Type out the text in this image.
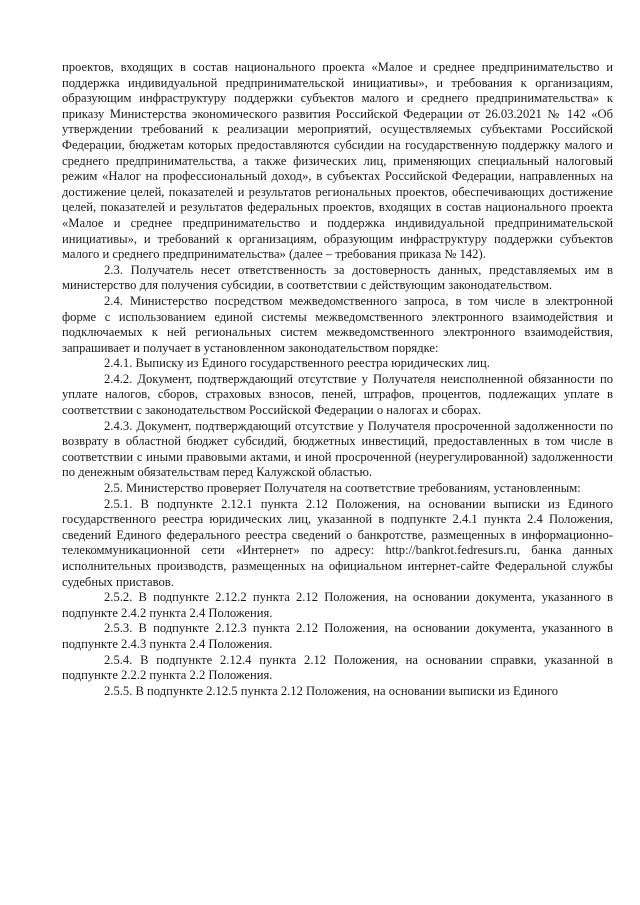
проектов, входящих в состав национального проекта «Малое и среднее предпринимательство и поддержка индивидуальной предпринимательской инициативы», и требования к организациям, образующим инфраструктуру поддержки субъектов малого и среднего предпринимательства» к приказу Министерства экономического развития Российской Федерации от 26.03.2021 № 142 «Об утверждении требований к реализации мероприятий, осуществляемых субъектами Российской Федерации, бюджетам которых предоставляются субсидии на государственную поддержку малого и среднего предпринимательства, а также физических лиц, применяющих специальный налоговый режим «Налог на профессиональный доход», в субъектах Российской Федерации, направленных на достижение целей, показателей и результатов региональных проектов, обеспечивающих достижение целей, показателей и результатов федеральных проектов, входящих в состав национального проекта «Малое и среднее предпринимательство и поддержка индивидуальной предпринимательской инициативы», и требований к организациям, образующим инфраструктуру поддержки субъектов малого и среднего предпринимательства» (далее – требования приказа № 142).

2.3. Получатель несет ответственность за достоверность данных, представляемых им в министерство для получения субсидии, в соответствии с действующим законодательством.

2.4. Министерство посредством межведомственного запроса, в том числе в электронной форме с использованием единой системы межведомственного электронного взаимодействия и подключаемых к ней региональных систем межведомственного электронного взаимодействия, запрашивает и получает в установленном законодательством порядке:

2.4.1. Выписку из Единого государственного реестра юридических лиц.

2.4.2. Документ, подтверждающий отсутствие у Получателя неисполненной обязанности по уплате налогов, сборов, страховых взносов, пеней, штрафов, процентов, подлежащих уплате в соответствии с законодательством Российской Федерации о налогах и сборах.

2.4.3. Документ, подтверждающий отсутствие у Получателя просроченной задолженности по возврату в областной бюджет субсидий, бюджетных инвестиций, предоставленных в том числе в соответствии с иными правовыми актами, и иной просроченной (неурегулированной) задолженности по денежным обязательствам перед Калужской областью.

2.5. Министерство проверяет Получателя на соответствие требованиям, установленным:

2.5.1. В подпункте 2.12.1 пункта 2.12 Положения, на основании выписки из Единого государственного реестра юридических лиц, указанной в подпункте 2.4.1 пункта 2.4 Положения, сведений Единого федерального реестра сведений о банкротстве, размещенных в информационно-телекоммуникационной сети «Интернет» по адресу: http://bankrot.fedresurs.ru, банка данных исполнительных производств, размещенных на официальном интернет-сайте Федеральной службы судебных приставов.

2.5.2. В подпункте 2.12.2 пункта 2.12 Положения, на основании документа, указанного в подпункте 2.4.2 пункта 2.4 Положения.

2.5.3. В подпункте 2.12.3 пункта 2.12 Положения, на основании документа, указанного в подпункте 2.4.3 пункта 2.4 Положения.

2.5.4. В подпункте 2.12.4 пункта 2.12 Положения, на основании справки, указанной в подпункте 2.2.2 пункта 2.2 Положения.

2.5.5. В подпункте 2.12.5 пункта 2.12 Положения, на основании выписки из Единого
